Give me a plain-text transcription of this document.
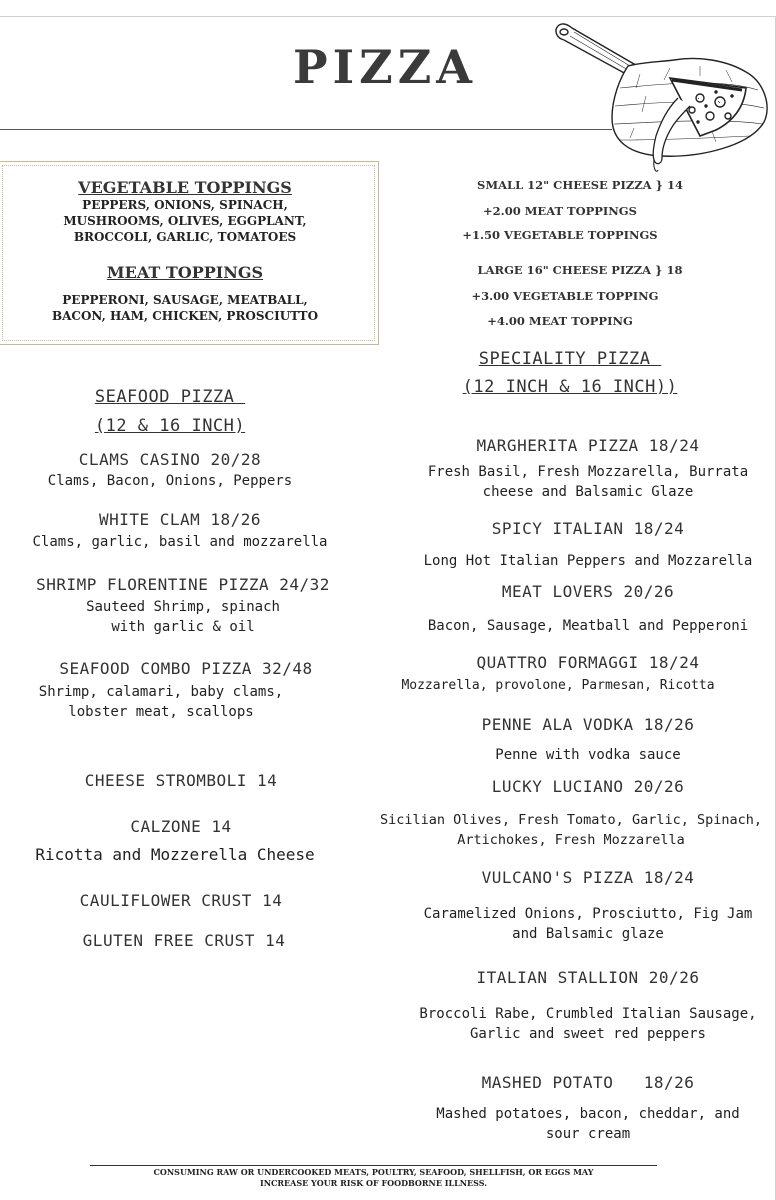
PIZZA
VEGETABLE TOPPINGS
PEPPERS, ONIONS, SPINACH,
MUSHROOMS, OLIVES, EGGPLANT,
BROCCOLI, GARLIC, TOMATOES
MEAT TOPPINGS
PEPPERONI, SAUSAGE, MEATBALL,
BACON, HAM, CHICKEN, PROSCIUTTO
SMALL 12" CHEESE PIZZA } 14
+2.00 MEAT TOPPINGS
+1.50 VEGETABLE TOPPINGS
LARGE 16" CHEESE PIZZA } 18
+3.00 VEGETABLE TOPPING
+4.00 MEAT TOPPING
SPECIALITY PIZZA
(12 INCH & 16 INCH))
SEAFOOD PIZZA
(12 & 16 INCH)
CLAMS CASINO 20/28
Clams, Bacon, Onions, Peppers
WHITE CLAM 18/26
Clams, garlic, basil and mozzarella
SHRIMP FLORENTINE PIZZA 24/32
Sauteed Shrimp, spinach
with garlic & oil
SEAFOOD COMBO PIZZA 32/48
Shrimp, calamari, baby clams,
lobster meat, scallops
CHEESE STROMBOLI 14
CALZONE 14
Ricotta and Mozzerella Cheese
CAULIFLOWER CRUST 14
GLUTEN FREE CRUST 14
MARGHERITA PIZZA 18/24
Fresh Basil, Fresh Mozzarella, Burrata
cheese and Balsamic Glaze
SPICY ITALIAN 18/24
Long Hot Italian Peppers and Mozzarella
MEAT LOVERS 20/26
Bacon, Sausage, Meatball and Pepperoni
QUATTRO FORMAGGI 18/24
Mozzarella, provolone, Parmesan, Ricotta
PENNE ALA VODKA 18/26
Penne with vodka sauce
LUCKY LUCIANO 20/26
Sicilian Olives, Fresh Tomato, Garlic, Spinach,
Artichokes, Fresh Mozzarella
VULCANO'S PIZZA 18/24
Caramelized Onions, Prosciutto, Fig Jam
and Balsamic glaze
ITALIAN STALLION 20/26
Broccoli Rabe, Crumbled Italian Sausage,
Garlic and sweet red peppers
MASHED POTATO   18/26
Mashed potatoes, bacon, cheddar, and
sour cream
CONSUMING RAW OR UNDERCOOKED MEATS, POULTRY, SEAFOOD, SHELLFISH, OR EGGS MAY
INCREASE YOUR RISK OF FOODBORNE ILLNESS.
